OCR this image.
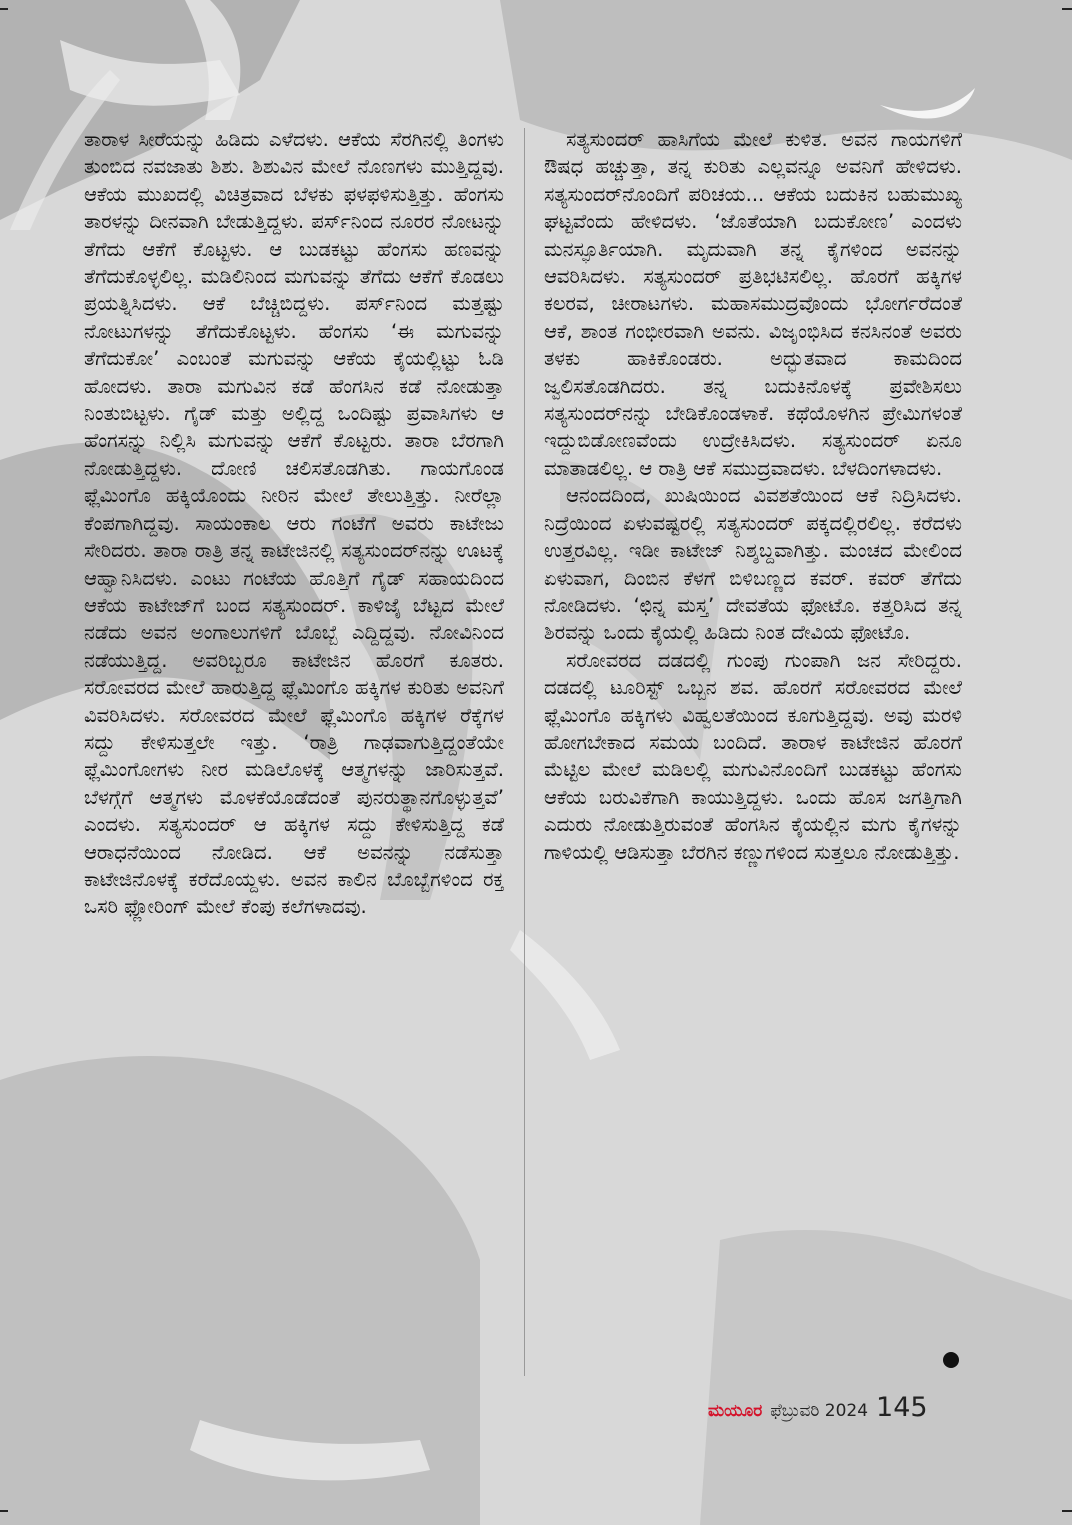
ತಾರಾಳ ಸೀರೆಯನ್ನು ಹಿಡಿದು ಎಳೆದಳು. ಆಕೆಯ ಸೆರಗಿನಲ್ಲಿ ತಿಂಗಳು ತುಂಬಿದ ನವಜಾತು ಶಿಶು. ಶಿಶುವಿನ ಮೇಲೆ ನೊಣಗಳು ಮುತ್ತಿದ್ದವು. ಆಕೆಯ ಮುಖದಲ್ಲಿ ವಿಚಿತ್ರವಾದ ಬೆಳಕು ಫಳಫಳಿಸುತ್ತಿತ್ತು. ಹೆಂಗಸು ತಾರಳನ್ನು ದೀನವಾಗಿ ಬೇಡುತ್ತಿದ್ದಳು. ಪರ್ಸ್‌ನಿಂದ ನೂರರ ನೋಟನ್ನು ತೆಗೆದು ಆಕೆಗೆ ಕೊಟ್ಟಳು. ಆ ಬುಡಕಟ್ಟು ಹೆಂಗಸು ಹಣವನ್ನು ತೆಗೆದುಕೊಳ್ಳಲಿಲ್ಲ. ಮಡಿಲಿನಿಂದ ಮಗುವನ್ನು ತೆಗೆದು ಆಕೆಗೆ ಕೊಡಲು ಪ್ರಯತ್ನಿಸಿದಳು. ಆಕೆ ಬೆಚ್ಚಿಬಿದ್ದಳು. ಪರ್ಸ್‌ನಿಂದ ಮತ್ತಷ್ಟು ನೋಟುಗಳನ್ನು ತೆಗೆದುಕೊಟ್ಟಳು. ಹೆಂಗಸು ‘ಈ ಮಗುವನ್ನು ತೆಗೆದುಕೋ’ ಎಂಬಂತೆ ಮಗುವನ್ನು ಆಕೆಯ ಕೈಯಲ್ಲಿಟ್ಟು ಓಡಿ ಹೋದಳು. ತಾರಾ ಮಗುವಿನ ಕಡೆ ಹೆಂಗಸಿನ ಕಡೆ ನೋಡುತ್ತಾ ನಿಂತುಬಿಟ್ಟಳು. ಗೈಡ್ ಮತ್ತು ಅಲ್ಲಿದ್ದ ಒಂದಿಷ್ಟು ಪ್ರವಾಸಿಗಳು ಆ ಹೆಂಗಸನ್ನು ನಿಲ್ಲಿಸಿ ಮಗುವನ್ನು ಆಕೆಗೆ ಕೊಟ್ಟರು. ತಾರಾ ಬೆರಗಾಗಿ ನೋಡುತ್ತಿದ್ದಳು. ದೋಣಿ ಚಲಿಸತೊಡಗಿತು. ಗಾಯಗೊಂಡ ಫ್ಲೆಮಿಂಗೊ ಹಕ್ಕಿಯೊಂದು ನೀರಿನ ಮೇಲೆ ತೇಲುತ್ತಿತ್ತು. ನೀರೆಲ್ಲಾ ಕೆಂಪಗಾಗಿದ್ದವು. ಸಾಯಂಕಾಲ ಆರು ಗಂಟೆಗೆ ಅವರು ಕಾಟೇಜು ಸೇರಿದರು. ತಾರಾ ರಾತ್ರಿ ತನ್ನ ಕಾಟೇಜಿನಲ್ಲಿ ಸತ್ಯಸುಂದರ್‌ನನ್ನು ಊಟಕ್ಕೆ ಆಹ್ವಾನಿಸಿದಳು. ಎಂಟು ಗಂಟೆಯ ಹೊತ್ತಿಗೆ ಗೈಡ್ ಸಹಾಯದಿಂದ ಆಕೆಯ ಕಾಟೇಜ್‌ಗೆ ಬಂದ ಸತ್ಯಸುಂದರ್. ಕಾಳಿಜೈ ಬೆಟ್ಟದ ಮೇಲೆ ನಡೆದು ಅವನ ಅಂಗಾಲುಗಳಿಗೆ ಬೊಬ್ಬೆ ಎದ್ದಿದ್ದವು. ನೋವಿನಿಂದ ನಡೆಯುತ್ತಿದ್ದ. ಅವರಿಬ್ಬರೂ ಕಾಟೇಜಿನ ಹೊರಗೆ ಕೂತರು. ಸರೋವರದ ಮೇಲೆ ಹಾರುತ್ತಿದ್ದ ಫ್ಲೆಮಿಂಗೊ ಹಕ್ಕಿಗಳ ಕುರಿತು ಅವನಿಗೆ ವಿವರಿಸಿದಳು. ಸರೋವರದ ಮೇಲೆ ಫ್ಲೆಮಿಂಗೊ ಹಕ್ಕಿಗಳ ರೆಕ್ಕೆಗಳ ಸದ್ದು ಕೇಳಿಸುತ್ತಲೇ ಇತ್ತು. ‘ರಾತ್ರಿ ಗಾಢವಾಗುತ್ತಿದ್ದಂತೆಯೇ ಫ್ಲೆಮಿಂಗೋಗಳು ನೀರ ಮಡಿಲೊಳಕ್ಕೆ ಆತ್ಮಗಳನ್ನು ಜಾರಿಸುತ್ತವೆ. ಬೆಳಗ್ಗೆಗೆ ಆತ್ಮಗಳು ಮೊಳಕೆಯೊಡೆದಂತೆ ಪುನರುತ್ಥಾನಗೊಳ್ಳುತ್ತವೆ’ ಎಂದಳು. ಸತ್ಯಸುಂದರ್ ಆ ಹಕ್ಕಿಗಳ ಸದ್ದು ಕೇಳಿಸುತ್ತಿದ್ದ ಕಡೆ ಆರಾಧನೆಯಿಂದ ನೋಡಿದ. ಆಕೆ ಅವನನ್ನು ನಡೆಸುತ್ತಾ ಕಾಟೇಜಿನೊಳಕ್ಕೆ ಕರೆದೊಯ್ದಳು. ಅವನ ಕಾಲಿನ ಬೊಬ್ಬೆಗಳಿಂದ ರಕ್ತ ಒಸರಿ ಫ್ಲೋರಿಂಗ್ ಮೇಲೆ ಕೆಂಪು ಕಲೆಗಳಾದವು.

ಸತ್ಯಸುಂದರ್ ಹಾಸಿಗೆಯ ಮೇಲೆ ಕುಳಿತ. ಅವನ ಗಾಯಗಳಿಗೆ ಔಷಧ ಹಚ್ಚುತ್ತಾ, ತನ್ನ ಕುರಿತು ಎಲ್ಲವನ್ನೂ ಅವನಿಗೆ ಹೇಳಿದಳು. ಸತ್ಯಸುಂದರ್‌ನೊಂದಿಗೆ ಪರಿಚಯ... ಆಕೆಯ ಬದುಕಿನ ಬಹುಮುಖ್ಯ ಘಟ್ಟವೆಂದು ಹೇಳಿದಳು. ‘ಜೊತೆಯಾಗಿ ಬದುಕೋಣ’ ಎಂದಳು ಮನಸ್ಫೂರ್ತಿಯಾಗಿ. ಮೃದುವಾಗಿ ತನ್ನ ಕೈಗಳಿಂದ ಅವನನ್ನು ಆವರಿಸಿದಳು. ಸತ್ಯಸುಂದರ್ ಪ್ರತಿಭಟಿಸಲಿಲ್ಲ. ಹೊರಗೆ ಹಕ್ಕಿಗಳ ಕಲರವ, ಚೀರಾಟಗಳು. ಮಹಾಸಮುದ್ರವೊಂದು ಭೋರ್ಗರೆದಂತೆ ಆಕೆ, ಶಾಂತ ಗಂಭೀರವಾಗಿ ಅವನು. ವಿಜೃಂಭಿಸಿದ ಕನಸಿನಂತೆ ಅವರು ತಳಕು ಹಾಕಿಕೊಂಡರು. ಅದ್ಭುತವಾದ ಕಾಮದಿಂದ ಜ್ವಲಿಸತೊಡಗಿದರು. ತನ್ನ ಬದುಕಿನೊಳಕ್ಕೆ ಪ್ರವೇಶಿಸಲು ಸತ್ಯಸುಂದರ್‌ನನ್ನು ಬೇಡಿಕೊಂಡಳಾಕೆ. ಕಥೆಯೊಳಗಿನ ಪ್ರೇಮಿಗಳಂತೆ ಇದ್ದುಬಿಡೋಣವೆಂದು ಉದ್ರೇಕಿಸಿದಳು. ಸತ್ಯಸುಂದರ್ ಏನೂ ಮಾತಾಡಲಿಲ್ಲ. ಆ ರಾತ್ರಿ ಆಕೆ ಸಮುದ್ರವಾದಳು. ಬೆಳದಿಂಗಳಾದಳು.

ಆನಂದದಿಂದ, ಖುಷಿಯಿಂದ ವಿವಶತೆಯಿಂದ ಆಕೆ ನಿದ್ರಿಸಿದಳು. ನಿದ್ರೆಯಿಂದ ಏಳುವಷ್ಟರಲ್ಲಿ ಸತ್ಯಸುಂದರ್ ಪಕ್ಕದಲ್ಲಿರಲಿಲ್ಲ. ಕರೆದಳು ಉತ್ತರವಿಲ್ಲ. ಇಡೀ ಕಾಟೇಜ್ ನಿಶ್ಶಬ್ದವಾಗಿತ್ತು. ಮಂಚದ ಮೇಲಿಂದ ಏಳುವಾಗ, ದಿಂಬಿನ ಕೆಳಗೆ ಬಿಳಿಬಣ್ಣದ ಕವರ್. ಕವರ್ ತೆಗೆದು ನೋಡಿದಳು. ‘ಛಿನ್ನ ಮಸ್ತ’ ದೇವತೆಯ ಫೋಟೊ. ಕತ್ತರಿಸಿದ ತನ್ನ ಶಿರವನ್ನು ಒಂದು ಕೈಯಲ್ಲಿ ಹಿಡಿದು ನಿಂತ ದೇವಿಯ ಫೋಟೊ.

ಸರೋವರದ ದಡದಲ್ಲಿ ಗುಂಪು ಗುಂಪಾಗಿ ಜನ ಸೇರಿದ್ದರು. ದಡದಲ್ಲಿ ಟೂರಿಸ್ಟ್ ಒಬ್ಬನ ಶವ. ಹೊರಗೆ ಸರೋವರದ ಮೇಲೆ ಫ್ಲೆಮಿಂಗೊ ಹಕ್ಕಿಗಳು ವಿಹ್ವಲತೆಯಿಂದ ಕೂಗುತ್ತಿದ್ದವು. ಅವು ಮರಳಿ ಹೋಗಬೇಕಾದ ಸಮಯ ಬಂದಿದೆ. ತಾರಾಳ ಕಾಟೇಜಿನ ಹೊರಗೆ ಮೆಟ್ಟಿಲ ಮೇಲೆ ಮಡಿಲಲ್ಲಿ ಮಗುವಿನೊಂದಿಗೆ ಬುಡಕಟ್ಟು ಹೆಂಗಸು ಆಕೆಯ ಬರುವಿಕೆಗಾಗಿ ಕಾಯುತ್ತಿದ್ದಳು. ಒಂದು ಹೊಸ ಜಗತ್ತಿಗಾಗಿ ಎದುರು ನೋಡುತ್ತಿರುವಂತೆ ಹೆಂಗಸಿನ ಕೈಯಲ್ಲಿನ ಮಗು ಕೈಗಳನ್ನು ಗಾಳಿಯಲ್ಲಿ ಆಡಿಸುತ್ತಾ ಬೆರಗಿನ ಕಣ್ಣುಗಳಿಂದ ಸುತ್ತಲೂ ನೋಡುತ್ತಿತ್ತು.

ಮಯೂರ ಫೆಬ್ರುವರಿ 2024 145
